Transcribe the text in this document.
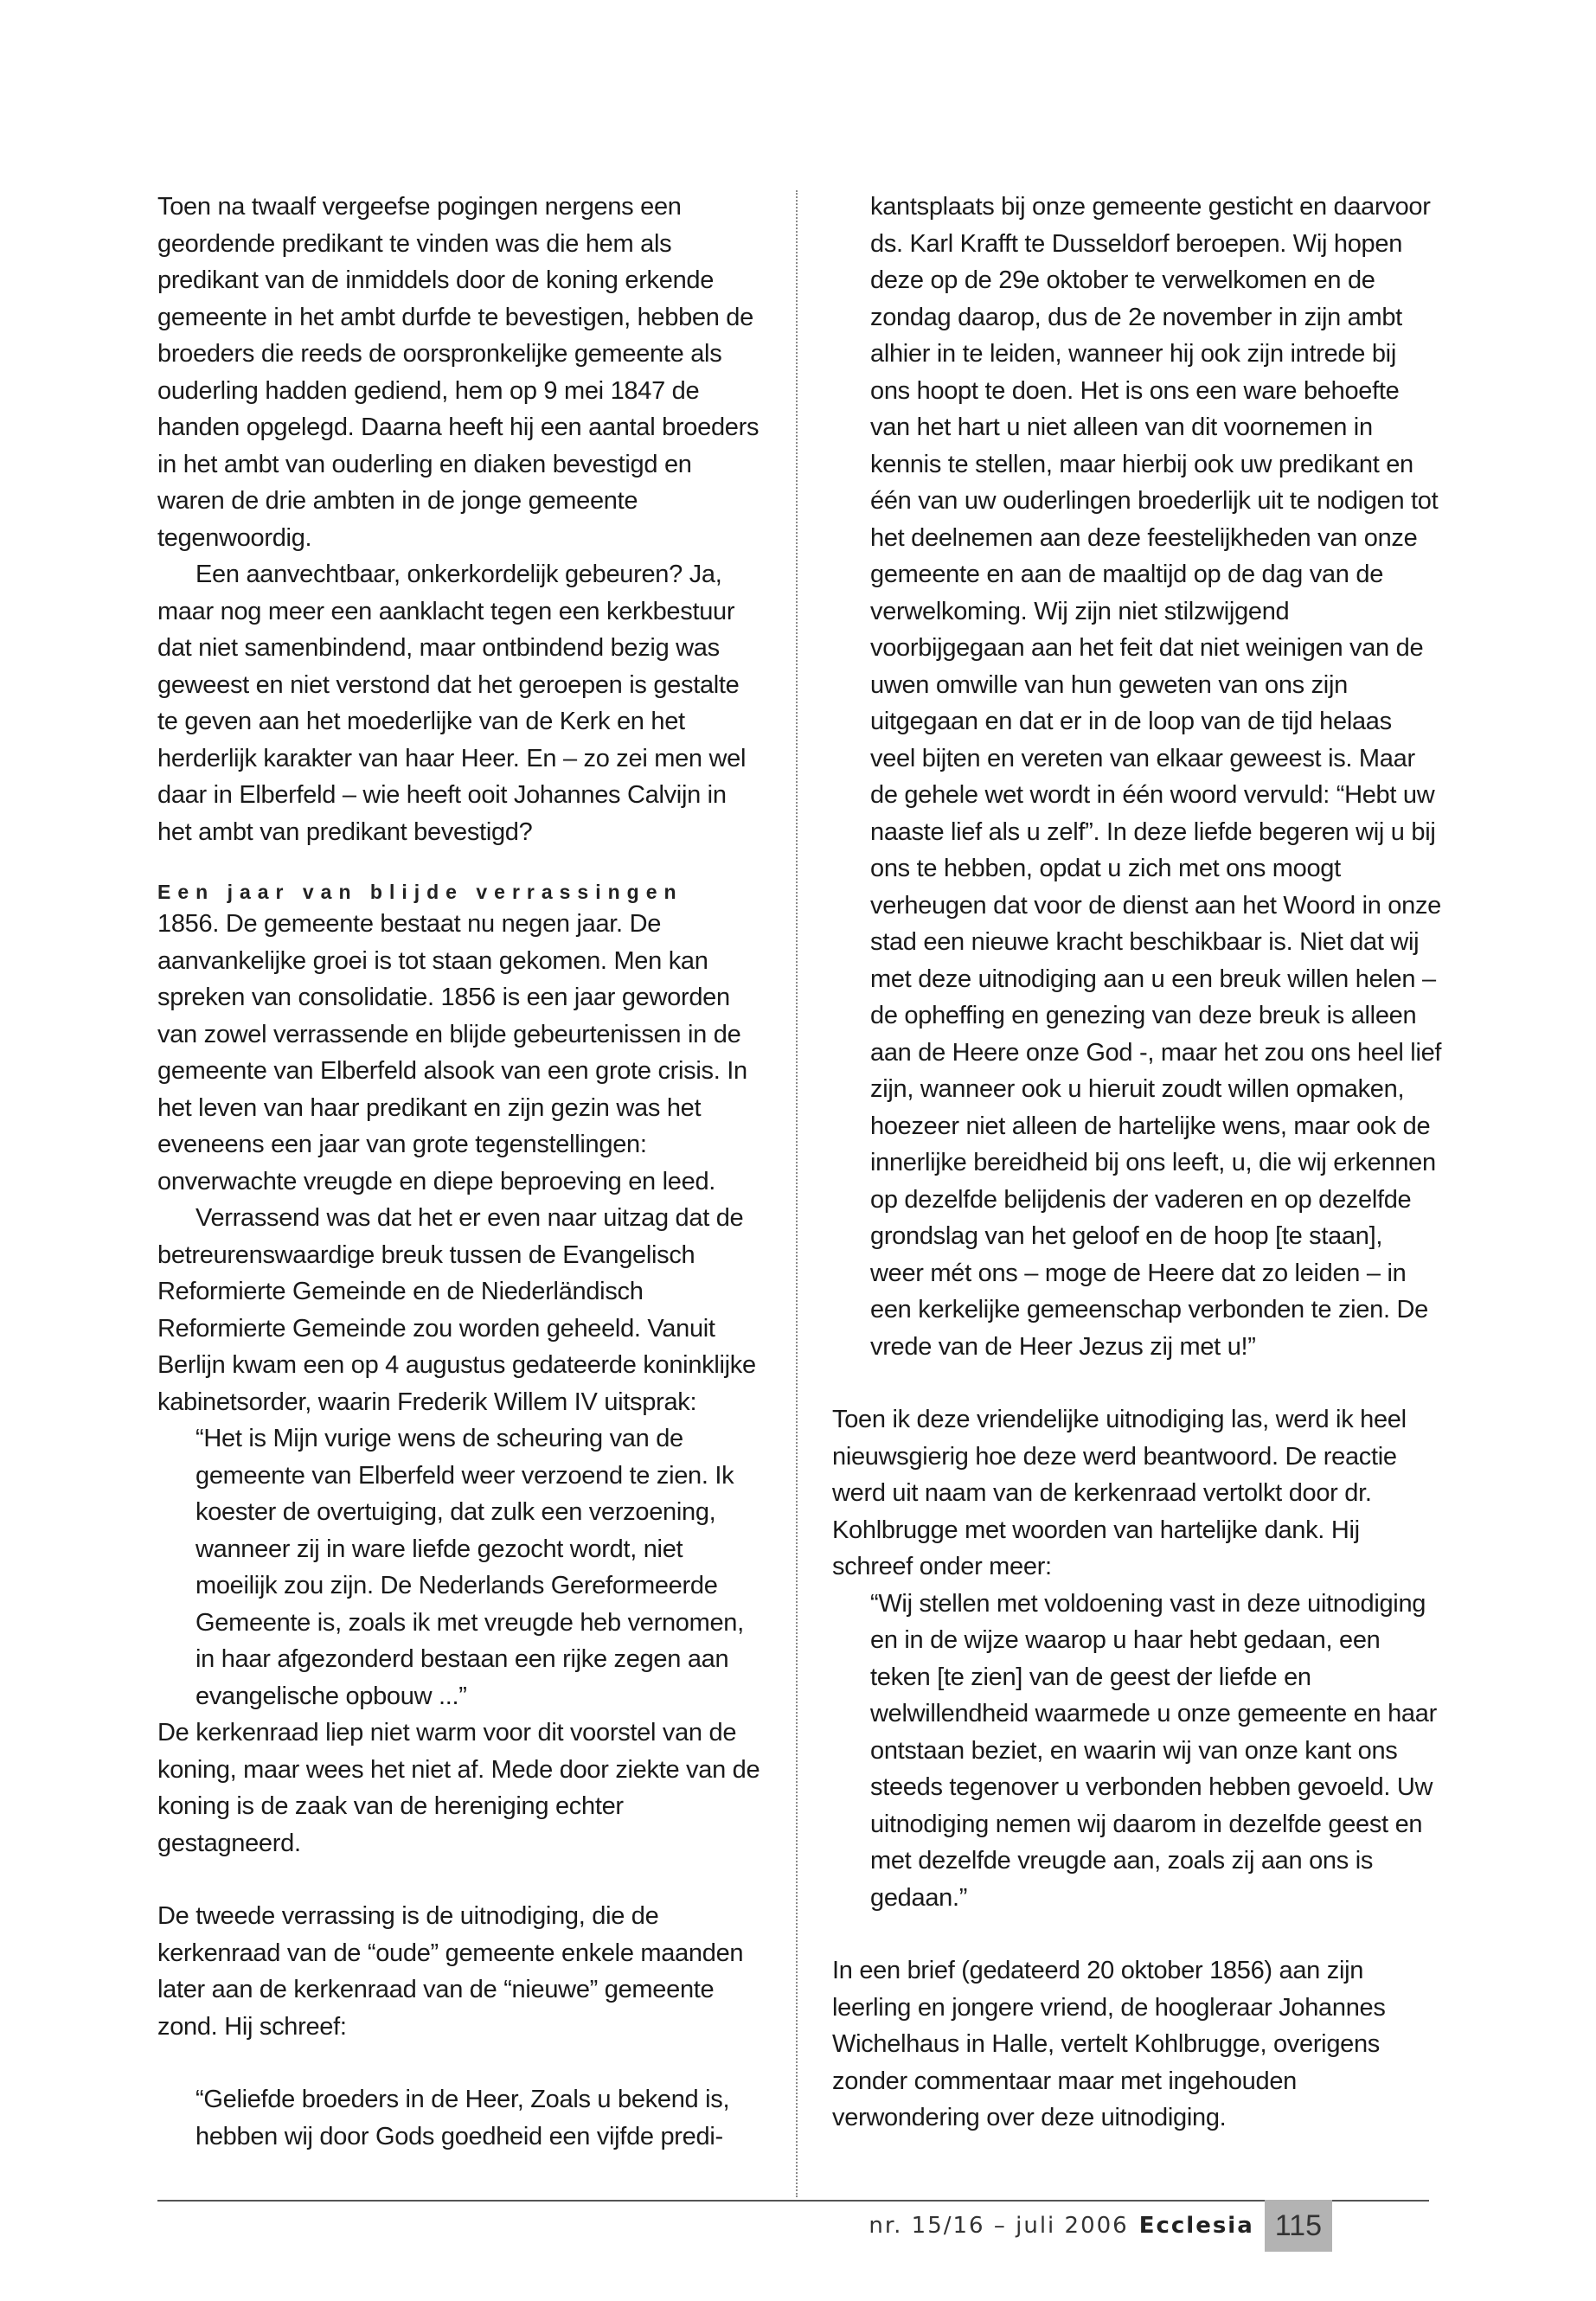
Toen na twaalf vergeefse pogingen nergens een geordende predikant te vinden was die hem als predikant van de inmiddels door de koning erkende gemeente in het ambt durfde te bevestigen, hebben de broeders die reeds de oorspronkelijke gemeente als ouderling hadden gediend, hem op 9 mei 1847 de handen opgelegd. Daarna heeft hij een aantal broeders in het ambt van ouderling en diaken bevestigd en waren de drie ambten in de jonge gemeente tegenwoordig.

Een aanvechtbaar, onkerkordelijk gebeuren? Ja, maar nog meer een aanklacht tegen een kerkbestuur dat niet samenbindend, maar ontbindend bezig was geweest en niet verstond dat het geroepen is gestalte te geven aan het moederlijke van de Kerk en het herderlijk karakter van haar Heer. En – zo zei men wel daar in Elberfeld – wie heeft ooit Johannes Calvijn in het ambt van predikant bevestigd?

Een jaar van blijde verrassingen

1856. De gemeente bestaat nu negen jaar. De aanvankelijke groei is tot staan gekomen. Men kan spreken van consolidatie. 1856 is een jaar geworden van zowel verrassende en blijde gebeurtenissen in de gemeente van Elberfeld alsook van een grote crisis. In het leven van haar predikant en zijn gezin was het eveneens een jaar van grote tegenstellingen: onverwachte vreugde en diepe beproeving en leed.

Verrassend was dat het er even naar uitzag dat de betreurenswaardige breuk tussen de Evangelisch Reformierte Gemeinde en de Niederländisch Reformierte Gemeinde zou worden geheeld. Vanuit Berlijn kwam een op 4 augustus gedateerde koninklijke kabinetsorder, waarin Frederik Willem IV uitsprak:

“Het is Mijn vurige wens de scheuring van de gemeente van Elberfeld weer verzoend te zien. Ik koester de overtuiging, dat zulk een verzoening, wanneer zij in ware liefde gezocht wordt, niet moeilijk zou zijn. De Nederlands Gereformeerde Gemeente is, zoals ik met vreugde heb vernomen, in haar afgezonderd bestaan een rijke zegen aan evangelische opbouw ...”

De kerkenraad liep niet warm voor dit voorstel van de koning, maar wees het niet af. Mede door ziekte van de koning is de zaak van de hereniging echter gestagneerd.

De tweede verrassing is de uitnodiging, die de kerkenraad van de “oude” gemeente enkele maanden later aan de kerkenraad van de “nieuwe” gemeente zond. Hij schreef:

“Geliefde broeders in de Heer, Zoals u bekend is, hebben wij door Gods goedheid een vijfde predi-

kantsplaats bij onze gemeente gesticht en daarvoor ds. Karl Krafft te Dusseldorf beroepen. Wij hopen deze op de 29e oktober te verwelkomen en de zondag daarop, dus de 2e november in zijn ambt alhier in te leiden, wanneer hij ook zijn intrede bij ons hoopt te doen. Het is ons een ware behoefte van het hart u niet alleen van dit voornemen in kennis te stellen, maar hierbij ook uw predikant en één van uw ouderlingen broederlijk uit te nodigen tot het deelnemen aan deze feestelijkheden van onze gemeente en aan de maaltijd op de dag van de verwelkoming. Wij zijn niet stilzwijgend voorbijgegaan aan het feit dat niet weinigen van de uwen omwille van hun geweten van ons zijn uitgegaan en dat er in de loop van de tijd helaas veel bijten en vereten van elkaar geweest is. Maar de gehele wet wordt in één woord vervuld: “Hebt uw naaste lief als u zelf”. In deze liefde begeren wij u bij ons te hebben, opdat u zich met ons moogt verheugen dat voor de dienst aan het Woord in onze stad een nieuwe kracht beschikbaar is. Niet dat wij met deze uitnodiging aan u een breuk willen helen – de opheffing en genezing van deze breuk is alleen aan de Heere onze God -, maar het zou ons heel lief zijn, wanneer ook u hieruit zoudt willen opmaken, hoezeer niet alleen de hartelijke wens, maar ook de innerlijke bereidheid bij ons leeft, u, die wij erkennen op dezelfde belijdenis der vaderen en op dezelfde grondslag van het geloof en de hoop [te staan], weer mét ons – moge de Heere dat zo leiden – in een kerkelijke gemeenschap verbonden te zien. De vrede van de Heer Jezus zij met u!”

Toen ik deze vriendelijke uitnodiging las, werd ik heel nieuwsgierig hoe deze werd beantwoord. De reactie werd uit naam van de kerkenraad vertolkt door dr. Kohlbrugge met woorden van hartelijke dank. Hij schreef onder meer:

“Wij stellen met voldoening vast in deze uitnodiging en in de wijze waarop u haar hebt gedaan, een teken [te zien] van de geest der liefde en welwillendheid waarmede u onze gemeente en haar ontstaan beziet, en waarin wij van onze kant ons steeds tegenover u verbonden hebben gevoeld. Uw uitnodiging nemen wij daarom in dezelfde geest en met dezelfde vreugde aan, zoals zij aan ons is gedaan.”

In een brief (gedateerd 20 oktober 1856) aan zijn leerling en jongere vriend, de hoogleraar Johannes Wichelhaus in Halle, vertelt Kohlbrugge, overigens zonder commentaar maar met ingehouden verwondering over deze uitnodiging.

nr. 15/16 – juli 2006 Ecclesia 115
